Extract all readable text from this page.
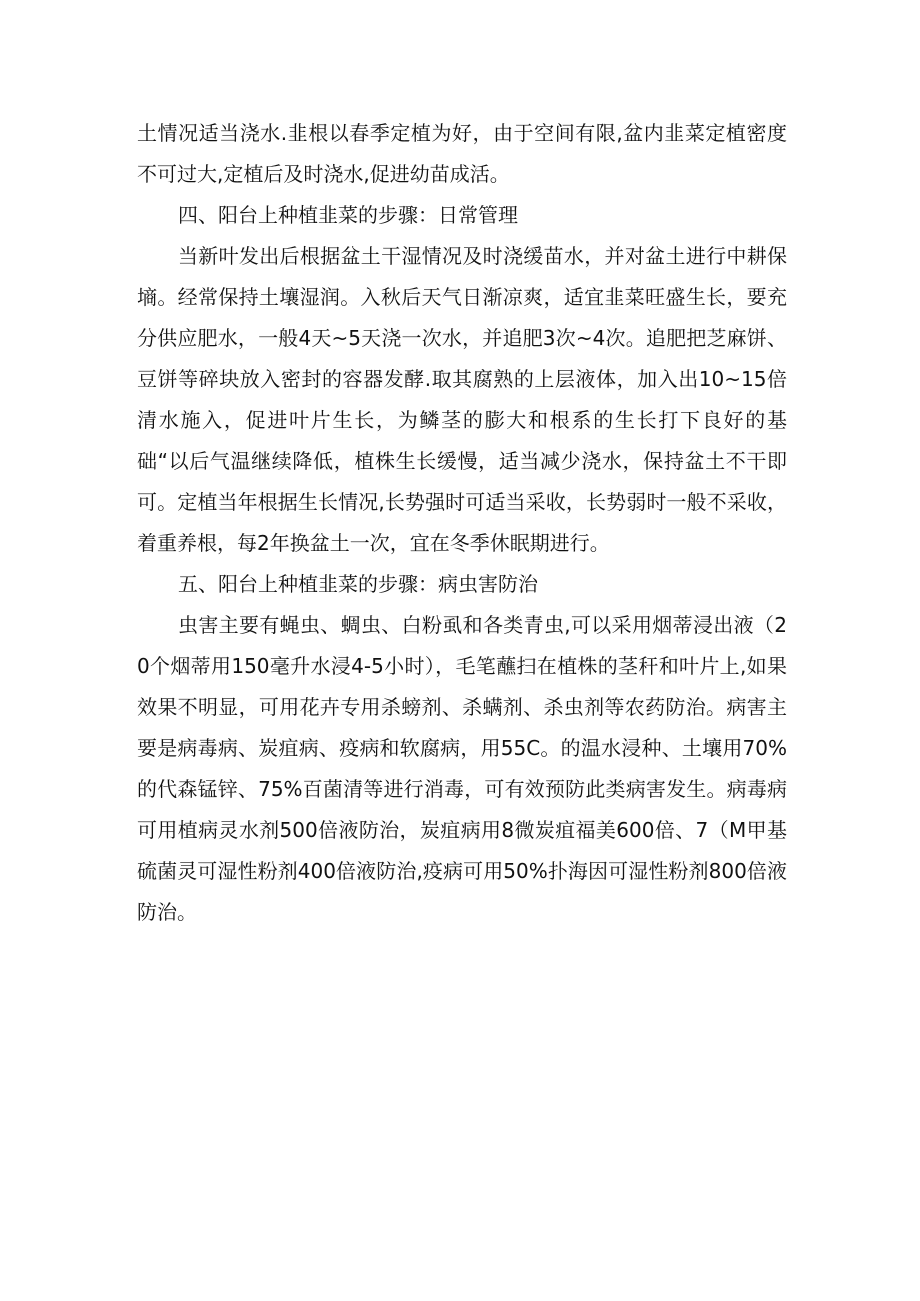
土情况适当浇水.韭根以春季定植为好，由于空间有限,盆内韭菜定植密度不可过大,定植后及时浇水,促进幼苗成活。

四、阳台上种植韭菜的步骤：日常管理

当新叶发出后根据盆土干湿情况及时浇缓苗水，并对盆土进行中耕保墒。经常保持土壤湿润。入秋后天气日渐凉爽，适宜韭菜旺盛生长，要充分供应肥水，一般4天~5天浇一次水，并追肥3次~4次。追肥把芝麻饼、豆饼等碎块放入密封的容器发酵.取其腐熟的上层液体，加入出10~15倍清水施入，促进叶片生长，为鳞茎的膨大和根系的生长打下良好的基础“以后气温继续降低，植株生长缓慢，适当减少浇水，保持盆土不干即可。定植当年根据生长情况,长势强时可适当采收，长势弱时一般不采收，着重养根，每2年换盆土一次，宜在冬季休眠期进行。

五、阳台上种植韭菜的步骤：病虫害防治

虫害主要有蝇虫、蜩虫、白粉虱和各类青虫,可以采用烟蒂浸出液（20个烟蒂用150毫升水浸4-5小时），毛笔蘸扫在植株的茎秆和叶片上,如果效果不明显，可用花卉专用杀螃剂、杀螨剂、杀虫剂等农药防治。病害主要是病毒病、炭疽病、疫病和软腐病，用55C。的温水浸种、土壤用70%的代森锰锌、75%百菌清等进行消毒，可有效预防此类病害发生。病毒病可用植病灵水剂500倍液防治，炭疽病用8微炭疽福美600倍、7（M甲基硫菌灵可湿性粉剂400倍液防治,疫病可用50%扑海因可湿性粉剂800倍液防治。
